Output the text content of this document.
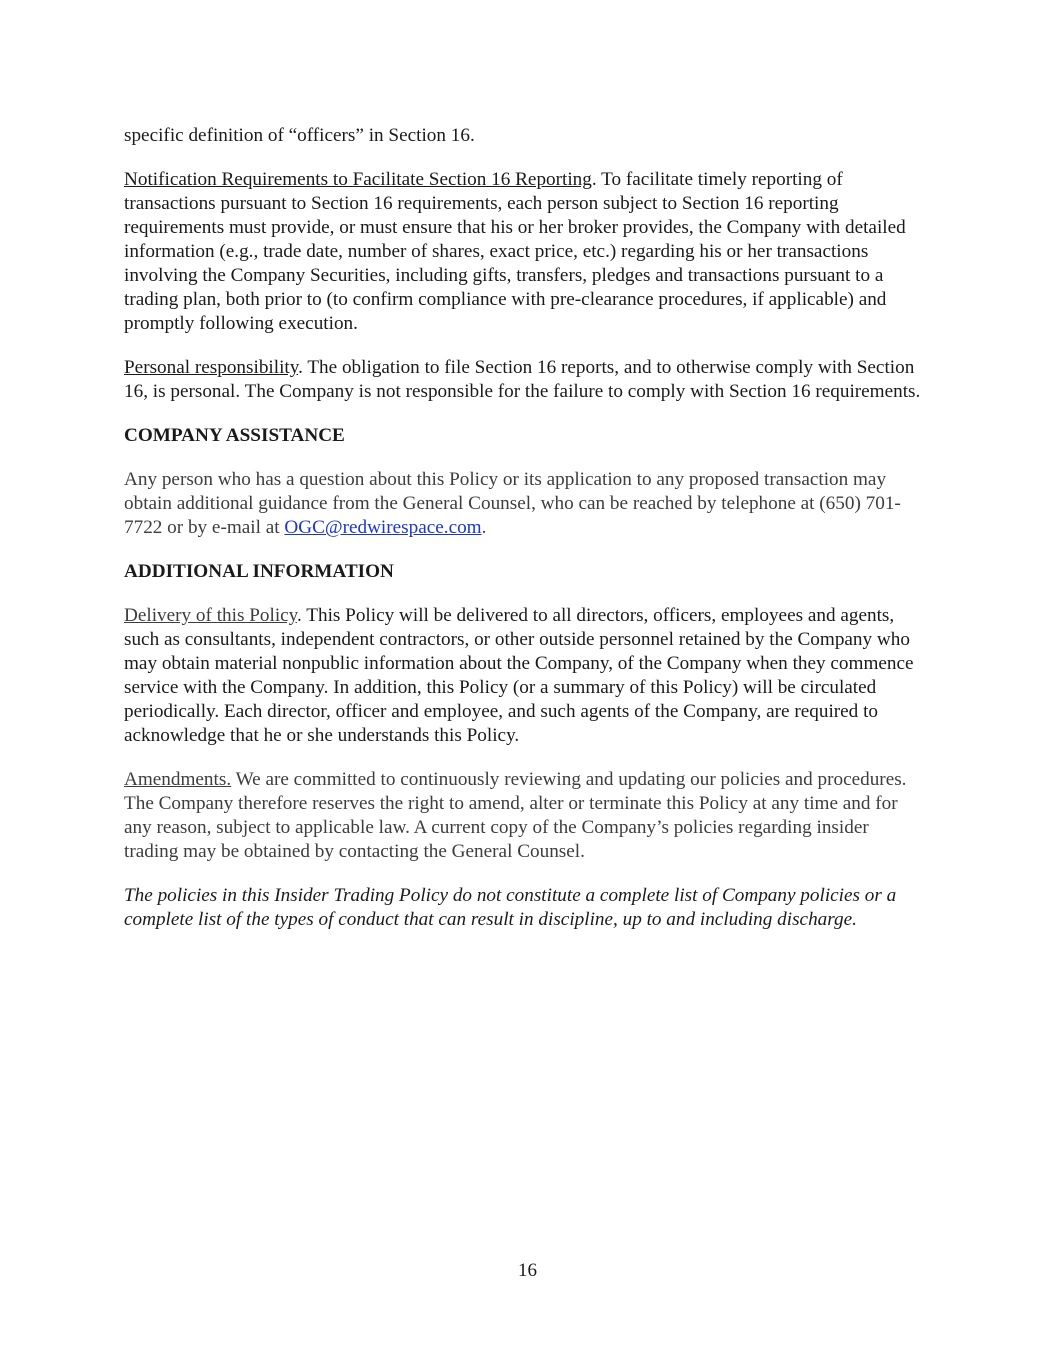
specific definition of “officers” in Section 16.

Notification Requirements to Facilitate Section 16 Reporting. To facilitate timely reporting of transactions pursuant to Section 16 requirements, each person subject to Section 16 reporting requirements must provide, or must ensure that his or her broker provides, the Company with detailed information (e.g., trade date, number of shares, exact price, etc.) regarding his or her transactions involving the Company Securities, including gifts, transfers, pledges and transactions pursuant to a trading plan, both prior to (to confirm compliance with pre-clearance procedures, if applicable) and promptly following execution.

Personal responsibility. The obligation to file Section 16 reports, and to otherwise comply with Section 16, is personal. The Company is not responsible for the failure to comply with Section 16 requirements.

COMPANY ASSISTANCE

Any person who has a question about this Policy or its application to any proposed transaction may obtain additional guidance from the General Counsel, who can be reached by telephone at (650) 701- 7722 or by e-mail at OGC@redwirespace.com.

ADDITIONAL INFORMATION

Delivery of this Policy. This Policy will be delivered to all directors, officers, employees and agents, such as consultants, independent contractors, or other outside personnel retained by the Company who may obtain material nonpublic information about the Company, of the Company when they commence service with the Company. In addition, this Policy (or a summary of this Policy) will be circulated periodically. Each director, officer and employee, and such agents of the Company, are required to acknowledge that he or she understands this Policy.

Amendments. We are committed to continuously reviewing and updating our policies and procedures. The Company therefore reserves the right to amend, alter or terminate this Policy at any time and for any reason, subject to applicable law. A current copy of the Company’s policies regarding insider trading may be obtained by contacting the General Counsel.

The policies in this Insider Trading Policy do not constitute a complete list of Company policies or a complete list of the types of conduct that can result in discipline, up to and including discharge.

16
